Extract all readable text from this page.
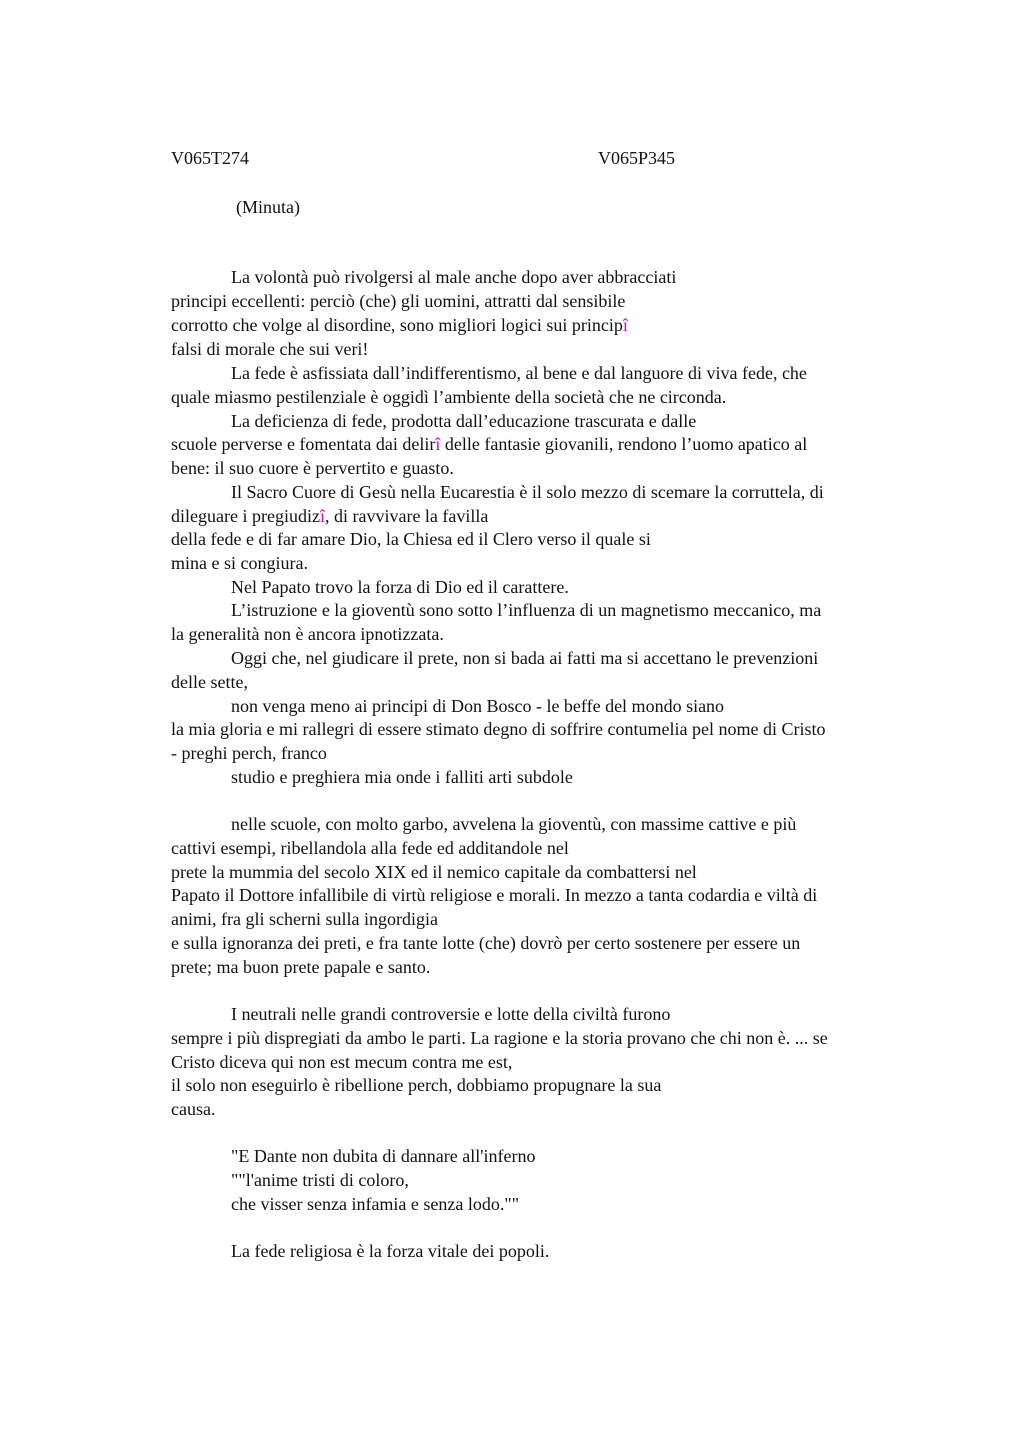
V065T274	V065P345
(Minuta)
La volontà può rivolgersi al male anche dopo aver abbracciati
principi eccellenti: perciò (che) gli uomini, attratti dal sensibile
corrotto che volge al disordine, sono migliori logici sui principî
falsi di morale che sui veri!
La fede è asfissiata dall’indifferentismo, al bene e dal languore di viva fede, che
quale miasmo pestilenziale è oggidì l’ambiente della società che ne circonda.
La deficienza di fede, prodotta dall’educazione trascurata e dalle
scuole perverse e fomentata dai delirî delle fantasie giovanili, rendono l’uomo apatico al
bene: il suo cuore è pervertito e guasto.
Il Sacro Cuore di Gesù nella Eucarestia è il solo mezzo di scemare la corruttela, di
dileguare i pregiudizî, di ravvivare la favilla
della fede e di far amare Dio, la Chiesa ed il Clero verso il quale si
mina e si congiura.
Nel Papato trovo la forza di Dio ed il carattere.
L’istruzione e la gioventù sono sotto l’influenza di un magnetismo meccanico, ma
la generalità non è ancora ipnotizzata.
Oggi che, nel giudicare il prete, non si bada ai fatti ma si accettano le prevenzioni
delle sette,
non venga meno ai principi di Don Bosco - le beffe del mondo siano
la mia gloria e mi rallegri di essere stimato degno di soffrire contumelia pel nome di Cristo
- preghi perch, franco
studio e preghiera mia onde i falliti arti subdole
nelle scuole, con molto garbo, avvelena la gioventù, con massime cattive e più
cattivi esempi, ribellandola alla fede ed additandole nel
prete la mummia del secolo XIX ed il nemico capitale da combattersi nel
Papato il Dottore infallibile di virtù religiose e morali. In mezzo a tanta codardia e viltà di
animi, fra gli scherni sulla ingordigia
e sulla ignoranza dei preti, e fra tante lotte (che) dovrò per certo sostenere per essere un
prete; ma buon prete papale e santo.
I neutrali nelle grandi controversie e lotte della civiltà furono
sempre i più dispregiati da ambo le parti. La ragione e la storia provano che chi non è. ... se
Cristo diceva qui non est mecum contra me est,
il solo non eseguirlo è ribellione perch, dobbiamo propugnare la sua
causa.
"E Dante non dubita di dannare all'inferno
""l'anime tristi di coloro,
che visser senza infamia e senza lodo.""
La fede religiosa è la forza vitale dei popoli.
